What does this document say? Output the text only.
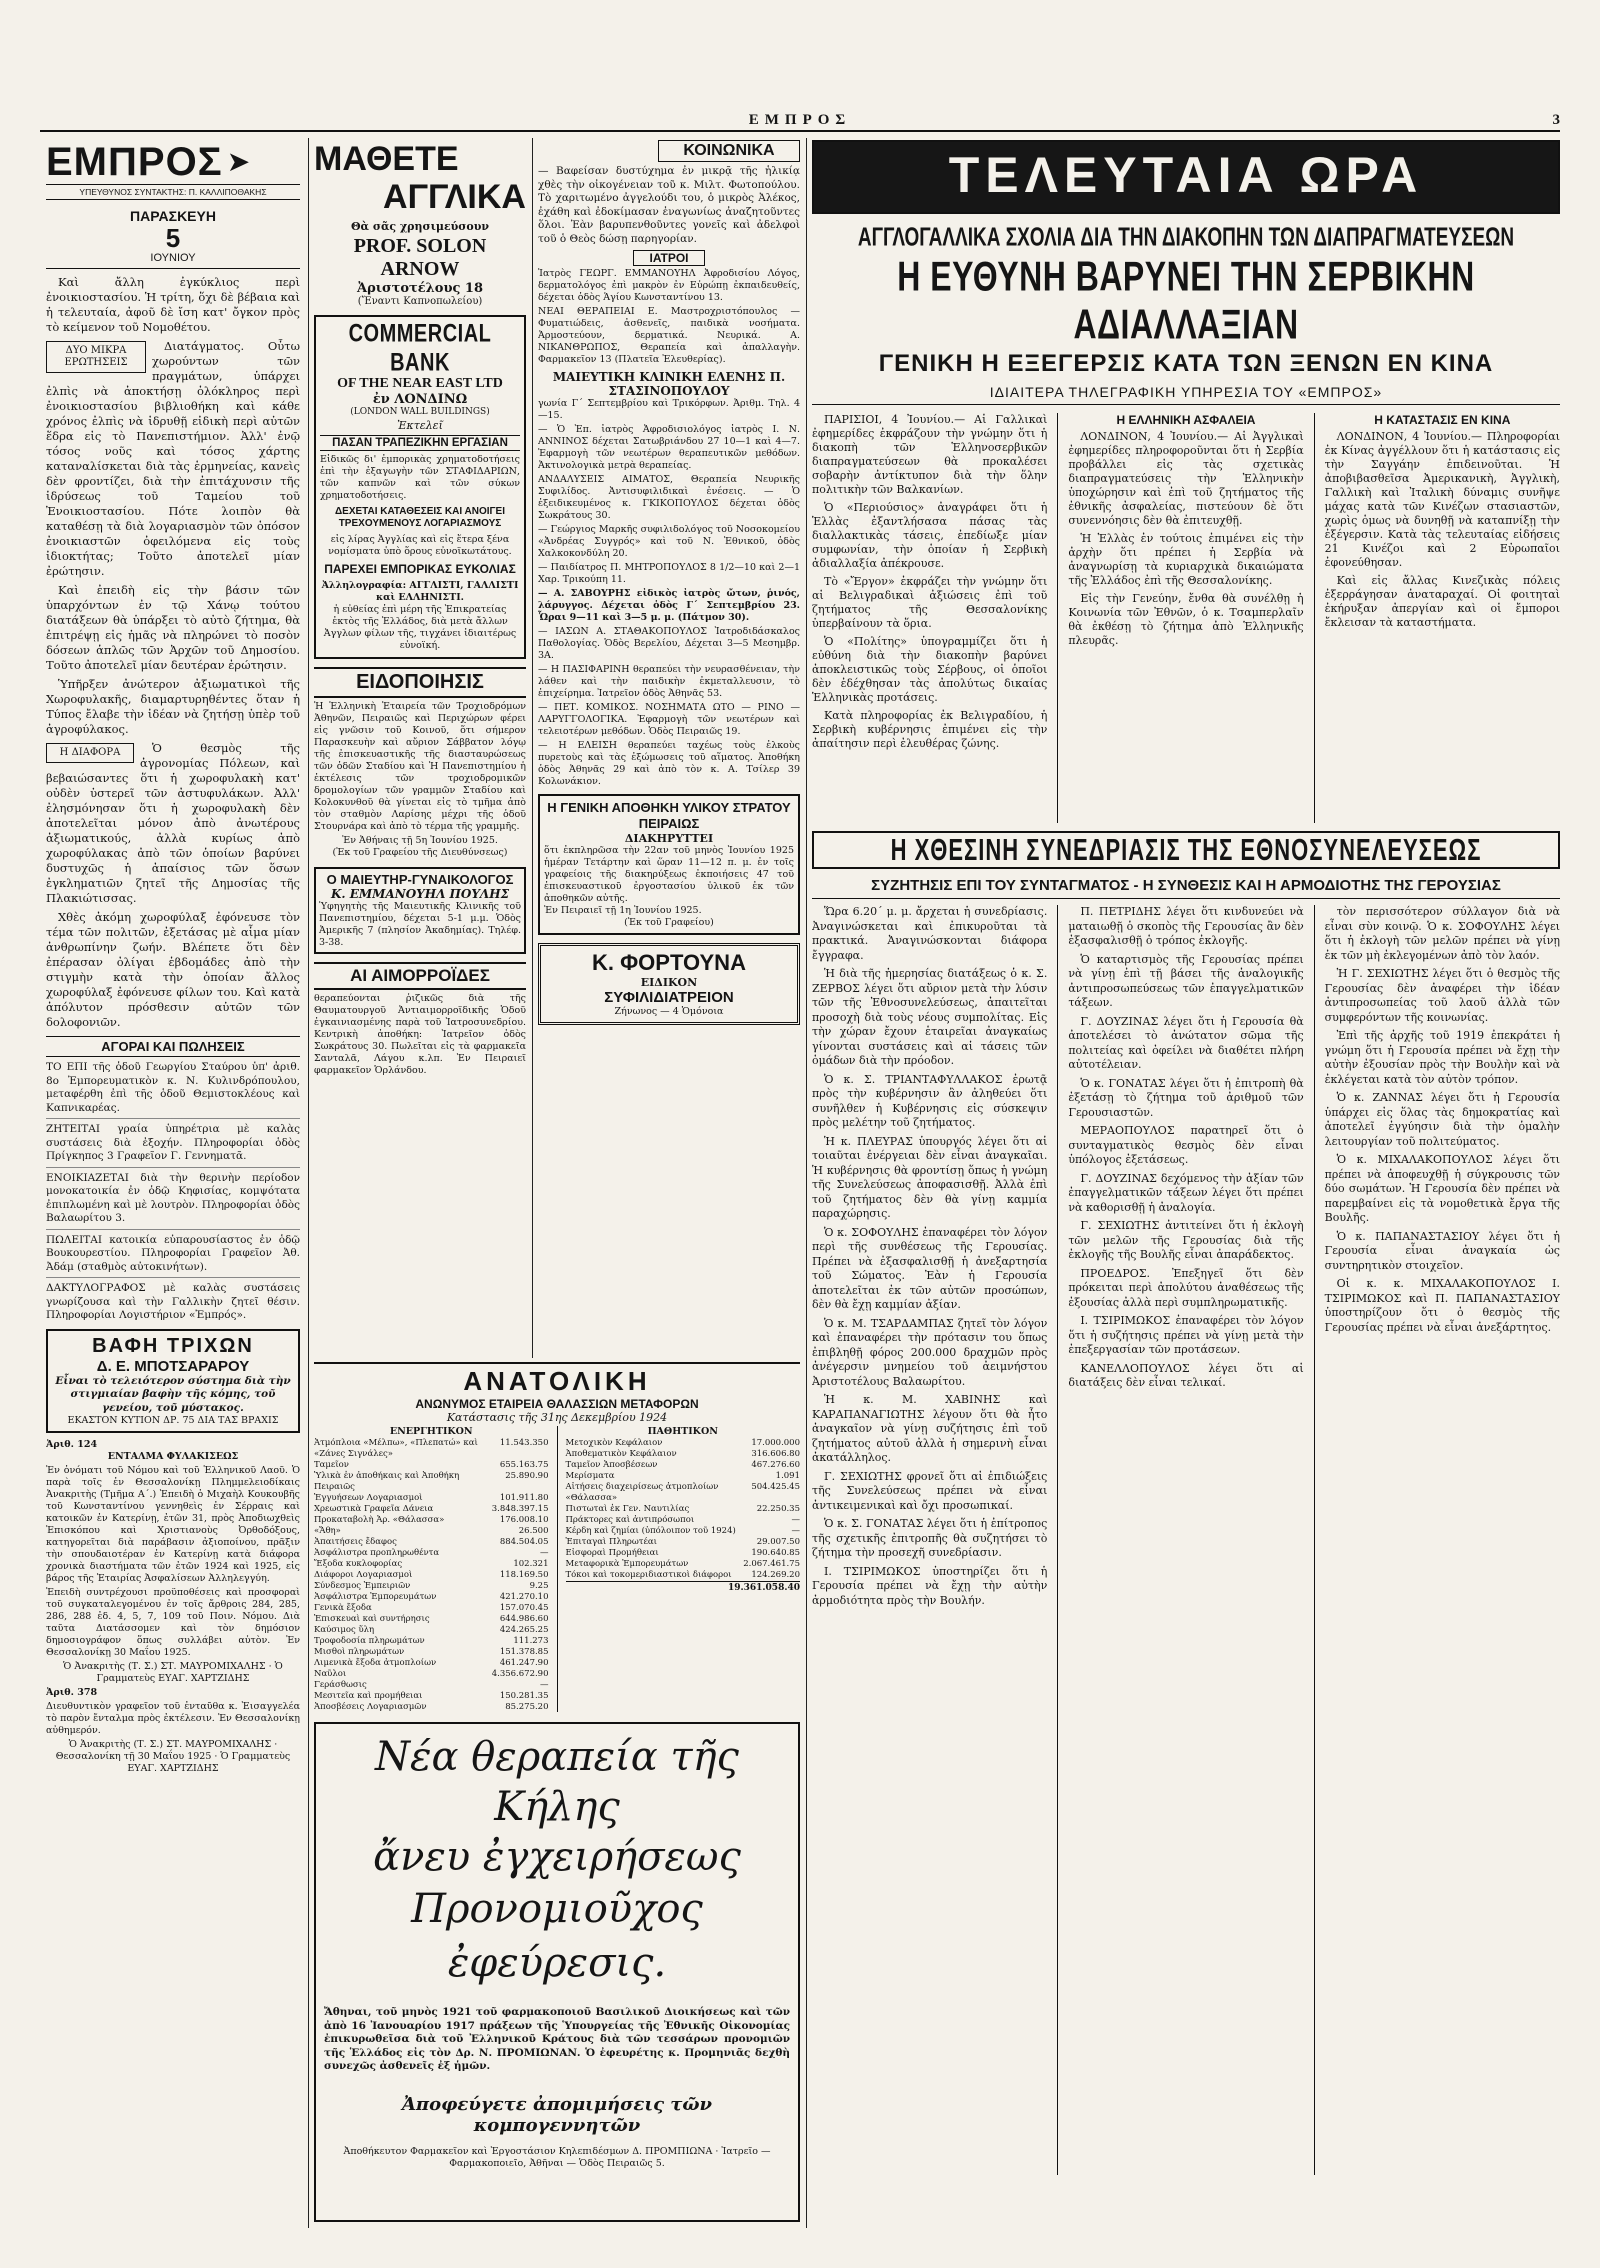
ΕΜΠΡΟΣ	3
ΕΜΠΡΟΣ ➤
ΥΠΕΥΘΥΝΟΣ ΣΥΝΤΑΚΤΗΣ: Π. ΚΑΛΛΙΠΟΘΑΚΗΣ
ΠΑΡΑΣΚΕΥΗ
5
ΙΟΥΝΙΟΥ

Καὶ ἄλλη ἐγκύκλιος περὶ ἐνοικιοστασίου. Ἡ τρίτη, ὅχι δὲ βέβαια καὶ ἡ τελευταία, ἀφοῦ δὲ ἴση κατ' ὄγκον πρὸς τὸ κείμενον τοῦ Νομοθέτου.

ΔΥΟ ΜΙΚΡΑ ΕΡΩΤΗΣΕΙΣ

Διατάγματος. Οὗτω χωρούντων τῶν πραγμάτων, ὑπάρχει ἐλπὶς νὰ ἀποκτήσῃ ὁλόκληρος περὶ ἐνοικιοστασίου βιβλιοθήκη καὶ κάθε χρόνος ἐλπὶς νὰ ἱδρυθῇ εἰδικὴ περὶ αὐτῶν ἕδρα εἰς τὸ Πανεπιστήμιον. Ἀλλ' ἐνῷ τόσος νοῦς καὶ τόσος χάρτης καταναλίσκεται διὰ τὰς ἑρμηνείας, κανεὶς δὲν φροντίζει, διὰ τὴν ἐπιτάχυνσιν τῆς ἱδρύσεως τοῦ Ταμείου τοῦ Ἐνοικιοστασίου. Πότε λοιπὸν θὰ καταθέσῃ τὰ διὰ λογαριασμὸν τῶν ὁπόσον ἐνοικιαστῶν ὀφειλόμενα εἰς τοὺς ἰδιοκτήτας; Τοῦτο ἀποτελεῖ μίαν ἐρώτησιν.

Καὶ ἐπειδὴ εἰς τὴν βάσιν τῶν ὑπαρχόντων ἐν τῷ Χάνῳ τούτου διατάξεων θὰ ὑπάρξει τὸ αὐτὸ ζήτημα, θὰ ἐπιτρέψῃ εἰς ἡμᾶς νὰ πληρώνει τὸ ποσὸν δόσεων ἁπλῶς τῶν Ἀρχῶν τοῦ Δημοσίου. Τοῦτο ἀποτελεῖ μίαν δευτέραν ἐρώτησιν.

Ὑπῆρξεν ἀνώτερον ἀξιωματικοὶ τῆς Χωροφυλακῆς, διαμαρτυρηθέντες ὅταν ἡ Τύπος ἔλαβε τὴν ἰδέαν νὰ ζητήσῃ ὑπὲρ τοῦ ἀγροφύλακος.

Η ΔΙΑΦΟΡΑ	Ὁ θεσμὸς τῆς ἀγρονομίας Πόλεων, καὶ βεβαιώσαντες ὅτι ἡ χωροφυλακὴ κατ' οὐδὲν ὑστερεῖ τῶν ἀστυφυλάκων. Ἀλλ' ἐλησμόνησαν ὅτι ἡ χωροφυλακὴ δὲν ἀποτελεῖται μόνον ἀπὸ ἀνωτέρους ἀξιωματικούς, ἀλλὰ κυρίως ἀπὸ χωροφύλακας ἀπὸ τῶν ὁποίων βαρύνει δυστυχῶς ἡ ἀπαίσιος τῶν ὅσων ἐγκληματιῶν ζητεῖ τῆς Δημοσίας τῆς Πλακιώτισσας.

Χθὲς ἀκόμη χωροφύλαξ ἐφόνευσε τὸν τέμα τῶν πολιτῶν, ἐξετάσας μὲ αἷμα μίαν ἀνθρωπίνην ζωήν. Βλέπετε ὅτι δὲν ἐπέρασαν ὀλίγαι ἑβδομάδες ἀπὸ τὴν στιγμὴν κατὰ τὴν ὁποίαν ἄλλος χωροφύλαξ ἐφόνευσε φίλων του. Καὶ κατὰ ἀπόλυτον πρόσθεσιν αὐτῶν τῶν δολοφονιῶν.

ΑΓΟΡΑΙ ΚΑΙ ΠΩΛΗΣΕΙΣ

ΤΟ ΕΠΙ τῆς ὁδοῦ Γεωργίου Σταύρου ὑπ' ἀριθ. 8ο Ἐμπορευματικὸν κ. Ν. Κυλινδρόπουλου, μεταφέρθη ἐπὶ τῆς ὁδοῦ Θεμιστοκλέους καὶ Καπνικαρέας.

ΖΗΤΕΙΤΑΙ γραία ὑπηρέτρια μὲ καλὰς συστάσεις διὰ ἐξοχήν. Πληροφορίαι ὁδὸς Πρίγκηπος 3 Γραφεῖον Γ. Γεννηματᾶ.

ΕΝΟΙΚΙΑΖΕΤΑΙ διὰ τὴν θερινὴν περίοδον μονοκατοικία ἐν ὁδῷ Κηφισίας, κομψότατα ἐπιπλωμένη καὶ μὲ λουτρὸν. Πληροφορίαι ὁδὸς Βαλαωρίτου 3.

ΠΩΛΕΙΤΑΙ κατοικία εὐπαρουσίαστος ἐν ὁδῷ Βουκουρεστίου. Πληροφορίαι Γραφεῖον Ἀθ. Ἀδάμ (σταθμὸς αὐτοκινήτων).

ΔΑΚΤΥΛΟΓΡΑΦΟΣ μὲ καλὰς συστάσεις γνωρίζουσα καὶ τὴν Γαλλικὴν ζητεῖ θέσιν. Πληροφορίαι Λογιστήριον «Ἐμπρός».

ΒΑΦΗ ΤΡΙΧΩΝ
Δ. Ε. ΜΠΟΤΣΑΡΑΡΟΥ
Εἶναι τὸ τελειότερον σύστημα διὰ τὴν στιγμιαίαν βαφὴν τῆς κόμης, τοῦ γενείου, τοῦ μύστακος.
ΕΚΑΣΤΟΝ ΚΥΤΙΟΝ ΔΡ. 75 ΔΙΑ ΤΑΣ ΒΡΑΧΙΣ
Ἀριθ. 124
ΕΝΤΑΛΜΑ ΦΥΛΑΚΙΣΕΩΣ

Ἐν ὀνόματι τοῦ Νόμου καὶ τοῦ Ἑλληνικοῦ Λαοῦ. Ὁ παρὰ τοῖς ἐν Θεσσαλονίκῃ Πλημμελειοδίκαις Ἀνακριτὴς (Τμῆμα Α΄.) Ἐπειδὴ ὁ Μιχαὴλ Κουκουβῆς τοῦ Κωνσταντίνου γεννηθεὶς ἐν Σέρραις καὶ κατοικῶν ἐν Κατερίνῃ, ἐτῶν 31, πρὸς Ἀποδιωχθεὶς Ἐπισκόπου καὶ Χριστιανοὺς Ὀρθοδόξους, κατηγορεῖται διὰ παράβασιν ἀξιοποίνου, πρᾶξιν τὴν σπουδαιοτέραν ἐν Κατερίνῃ κατὰ διάφορα χρονικὰ διαστήματα τῶν ἐτῶν 1924 καὶ 1925, εἰς βάρος τῆς Ἑταιρίας Ἀσφαλίσεων Ἀλληλεγγύη.

Ἐπειδὴ συντρέχουσι προϋποθέσεις καὶ προσφοραὶ τοῦ συγκαταλεγομένου ἐν τοῖς ἄρθροις 284, 285, 286, 288 ἐδ. 4, 5, 7, 109 τοῦ Ποιν. Νόμου. Διὰ ταῦτα Διατάσσομεν καὶ τὸν δημόσιον δημοσιογράφον ὅπως συλλάβει αὐτὸν. Ἐν Θεσσαλονίκῃ 30 Μαΐου 1925.

Ὁ Ἀνακριτὴς (Τ. Σ.) ΣΤ. ΜΑΥΡΟΜΙΧΑΛΗΣ · Ὁ Γραμματεὺς ΕΥΑΓ. ΧΑΡΤΖΙΔΗΣ

Ἀριθ. 378

Διευθυντικὸν γραφεῖον τοῦ ἐνταῦθα κ. Ἐισαγγελέα τὸ παρὸν ἔνταλμα πρὸς ἐκτέλεσιν. Ἐν Θεσσαλονίκῃ αὐθημερόν.

Ὁ Ἀνακριτὴς (Τ. Σ.) ΣΤ. ΜΑΥΡΟΜΙΧΑΛΗΣ · Θεσσαλονίκη τῇ 30 Μαΐου 1925 · Ὁ Γραμματεὺς ΕΥΑΓ. ΧΑΡΤΖΙΔΗΣ

ΜΑΘΕΤΕ
ΑΓΓΛΙΚΑ
Θὰ σᾶς χρησιμεύσουν
PROF. SOLON ARNOW
Ἀριστοτέλους 18
(Ἔναντι Καπνοπωλείου)
COMMERCIAL BANK
OF THE NEAR EAST LTD
ἐν ΛΟΝΔΙΝΩ
(LONDON WALL BUILDINGS)
Ἐκτελεῖ
ΠΑΣΑΝ ΤΡΑΠΕΖΙΚΗΝ ΕΡΓΑΣΙΑΝ
Εἰδικῶς δι' ἐμπορικὰς χρηματοδοτήσεις ἐπὶ τὴν ἐξαγωγὴν τῶν ΣΤΑΦΙΔΑΡΙΩΝ, τῶν καπνῶν καὶ τῶν σύκων χρηματοδοτήσεις.
ΔΕΧΕΤΑΙ ΚΑΤΑΘΕΣΕΙΣ ΚΑΙ ΑΝΟΙΓΕΙ ΤΡΕΧΟΥΜΕΝΟΥΣ ΛΟΓΑΡΙΑΣΜΟΥΣ
εἰς λίρας Ἀγγλίας καὶ εἰς ἕτερα ξένα νομίσματα ὑπὸ ὅρους εὐνοϊκωτάτους.
ΠΑΡΕΧΕΙ ΕΜΠΟΡΙΚΑΣ ΕΥΚΟΛΙΑΣ
Ἀλληλογραφία: ΑΓΓΛΙΣΤΙ, ΓΑΛΛΙΣΤΙ καὶ ΕΛΛΗΝΙΣΤΙ.
ἡ εὐθείας ἐπὶ μέρη τῆς Ἐπικρατείας ἐκτὸς τῆς Ἑλλάδος, διὰ μετὰ ἄλλων Ἀγγλων φίλων τῆς, τιγχάνει ἰδιαιτέρως εὐνοϊκή.
ΕΙΔΟΠΟΙΗΣΙΣ
Ἡ Ἑλληνικὴ Ἑταιρεία τῶν Τροχιοδρόμων Ἀθηνῶν, Πειραιῶς καὶ Περιχώρων φέρει εἰς γνῶσιν τοῦ Κοινοῦ, ὅτι σήμερον Παρασκευὴν καὶ αὔριον Σάββατον λόγῳ τῆς ἐπισκευαστικῆς τῆς διασταυρώσεως τῶν ὁδῶν Σταδίου καὶ Ἡ Πανεπιστημίου ἡ ἐκτέλεσις τῶν τροχιοδρομικῶν δρομολογίων τῶν γραμμῶν Σταδίου καὶ Κολοκυνθοῦ θὰ γίνεται εἰς τὸ τμῆμα ἀπὸ τὸν σταθμὸν Λαρίσης μέχρι τῆς ὁδοῦ Στουρνάρα καὶ ἀπὸ τὸ τέρμα τῆς γραμμῆς.
Ἐν Ἀθήναις τῇ 5η Ἰουνίου 1925.
(Ἐκ τοῦ Γραφείου τῆς Διευθύνσεως)
Ο ΜΑΙΕΥΤΗΡ-ΓΥΝΑΙΚΟΛΟΓΟΣ
Κ. ΕΜΜΑΝΟΥΗΛ ΠΟΥΛΗΣ
Ὑφηγητὴς τῆς Μαιευτικῆς Κλινικῆς τοῦ Πανεπιστημίου, δέχεται 5-1 μ.μ. Ὁδὸς Ἀμερικῆς 7 (πλησίον Ἀκαδημίας). Τηλέφ. 3-38.
ΑΙ ΑΙΜΟΡΡΟΪΔΕΣ
θεραπεύονται ῥιζικῶς διὰ τῆς Θαυματουργοῦ Ἀντιαιμορροϊδικῆς Ὁδοῦ ἐγκαινιασμένης παρὰ τοῦ Ἰατροσυνεδρίου. Κεντρικὴ ἀποθήκη: Ἰατρεῖον ὁδὸς Σωκράτους 30. Πωλεῖται εἰς τὰ φαρμακεῖα Σανταλᾶ, Λάγου κ.λπ. Ἐν Πειραιεῖ φαρμακεῖον Ὁρλάνδου.
ΚΟΙΝΩΝΙΚΑ
— Βαφείσαν δυστύχημα ἐν μικρᾷ τῆς ἡλικίᾳ χθὲς τὴν οἰκογένειαν τοῦ κ. Μιλτ. Φωτοπούλου. Τὸ χαριτωμένο ἀγγελούδι του, ὁ μικρὸς Ἀλέκος, ἐχάθη καὶ ἐδοκίμασαν ἐναγωνίως ἀναζητοῦντες ὅλοι. Ἐὰν βαρυπενθοῦντες γονεῖς καὶ ἀδελφοὶ τοῦ ὁ Θεὸς δώσῃ παρηγορίαν.
ΙΑΤΡΟΙ
Ἰατρὸς ΓΕΩΡΓ. ΕΜΜΑΝΟΥΗΛ Ἀφροδισίου Λόγος, δερματολόγος ἐπὶ μακρὸν ἐν Εὐρώπῃ ἐκπαιδευθείς, δέχεται ὁδὸς Ἁγίου Κωνσταντίνου 13.
ΝΕΑΙ ΘΕΡΑΠΕΙΑΙ Ε. Μαστροχριστόπουλος — Φυματιώδεις, ἀσθενεῖς, παιδικὰ νοσήματα. Ἀρμοστεύουν, δερματικά. Νευρικά. Α. ΝΙΚΑΝΘΡΩΠΟΣ, Θεραπεία καὶ ἀπαλλαγὴν. Φαρμακεῖον 13 (Πλατεῖα Ἐλευθερίας).
ΜΑΙΕΥΤΙΚΗ ΚΛΙΝΙΚΗ ΕΛΕΝΗΣ Π. ΣΤΑΣΙΝΟΠΟΥΛΟΥ
γωνία Γ΄ Σεπτεμβρίου καὶ Τρικόρφων. Ἀριθμ. Τηλ. 4—15.

— Ὁ Ἐπ. ἰατρὸς Ἀφροδισιολόγος ἰατρὸς Ι. Ν. ΑΝΝΙΝΟΣ δέχεται Σατωβριάνδου 27 10—1 καὶ 4—7. Ἐφαρμογὴ τῶν νεωτέρων θεραπευτικῶν μεθόδων. Ἀκτινολογικὰ μετρὰ θεραπείας.

ΑΝΔΑΛΥΣΕΙΣ ΑΙΜΑΤΟΣ, Θεραπεία Νευρικῆς Συφιλίδος. Ἀντισυφιλιδικαὶ ἐνέσεις. — Ὁ ἐξειδικευμένος κ. ΓΚΙΚΟΠΟΥΛΟΣ δέχεται ὁδὸς Σωκράτους 30.

— Γεώργιος Μαρκῆς συφιλιδολόγος τοῦ Νοσοκομείου «Ἀνδρέας Συγγρός» καὶ τοῦ Ν. Ἐθνικοῦ, ὁδὸς Χαλκοκονδύλη 20.

— Παιδίατρος Π. ΜΗΤΡΟΠΟΥΛΟΣ 8 1/2—10 καὶ 2—1 Χαρ. Τρικούπη 11.

— Α. ΣΑΒΟΥΡΗΣ εἰδικὸς ἰατρὸς ὤτων, ῥινός, λάρυγγος. Δέχεται ὁδὸς Γ΄ Σεπτεμβρίου 23. Ὧραι 9—11 καὶ 3—5 μ. μ. (Πάτμον 30).

— ΙΑΣΩΝ Α. ΣΤΑΘΑΚΟΠΟΥΛΟΣ Ἰατροδιδάσκαλος Παθολογίας. Ὁδὸς Βερελίου, Δέχεται 3—5 Μεσημβρ. 3Α.

— Η ΠΑΣΙΦΑΡΙΝΗ θεραπεύει τὴν νευρασθένειαν, τὴν λάθεν καὶ τὴν παιδικὴν ἐκμεταλλευσιν, τὸ ἐπιχείρημα. Ἰατρεῖον ὁδὸς Ἀθηνᾶς 53.

— ΠΕΤ. ΚΟΜΙΚΟΣ. ΝΟΣΗΜΑΤΑ ΩΤΟ — ΡΙΝΟ — ΛΑΡΥΓΓΟΛΟΓΙΚΑ. Ἐφαρμογὴ τῶν νεωτέρων καὶ τελειοτέρων μεθόδων. Ὁδὸς Πειραιῶς 19.

— Η ΕΛΕΙΣΗ θεραπεύει ταχέως τοὺς ἐλκοὺς πυρετοὺς καὶ τὰς ἐξώμωσεις τοῦ αἵματος. Ἀποθήκη ὁδὸς Ἀθηνᾶς 29 καὶ ἀπὸ τὸν κ. Α. Τσίλερ 39 Κολωνάκιον.

Η ΓΕΝΙΚΗ ΑΠΟΘΗΚΗ ΥΛΙΚΟΥ ΣΤΡΑΤΟΥ ΠΕΙΡΑΙΩΣ
ΔΙΑΚΗΡΥΤΤΕΙ
ὅτι ἐκπληρῶσα τὴν 22αν τοῦ μηνὸς Ἰουνίου 1925 ἡμέραν Τετάρτην καὶ ὥραν 11—12 π. μ. ἐν τοῖς γραφείοις τῆς διακηρύξεως ἐκποιήσεις 47 τοῦ ἐπισκευαστικοῦ ἐργοστασίου ὑλικοῦ ἐκ τῶν ἀποθηκῶν αὐτῆς.
Ἐν Πειραιεῖ τῇ 1η Ἰουνίου 1925.
(Ἐκ τοῦ Γραφείου)
Κ. ΦΟΡΤΟΥΝΑ
ΕΙΔΙΚΟΝ
ΣΥΦΙΛΙΔΙΑΤΡΕΙΟΝ
Ζήνωνος — 4 Ὁμόνοια
ΑΝΑΤΟΛΙΚΗ
ΑΝΩΝΥΜΟΣ ΕΤΑΙΡΕΙΑ ΘΑΛΑΣΣΙΩΝ ΜΕΤΑΦΟΡΩΝ
Κατάστασις τῆς 31ης Δεκεμβρίου 1924
ΕΝΕΡΓΗΤΙΚΟΝ
Ἀτμόπλοια «Μέλπω», «Πλεπατώ» καὶ «Ζάνες Σιγνάλες»
11.543.350
Ταμεῖον	655.163.75
Ὑλικὰ ἐν ἀποθήκαις καὶ Ἀποθήκη Πειραιῶς
25.890.90
Ἐγγυήσεων Λογαριασμοὶ	101.911.80
Χρεωστικὰ Γραφεῖα Δάνεια	3.848.397.15
Προκαταβολὴ Ἀρ. «Θάλασσα»	176.008.10
«Ἄθη»	26.500
Ἀπαιτήσεις ἔδαφος	884.504.05
Ἀσφάλιστρα προπληρωθέντα	—
Ἔξοδα κυκλοφορίας	102.321
Διάφοροι Λογαριασμοὶ	118.169.50
Σύνδεσμος Ἐμπειριῶν	9.25
Ἀσφάλιστρα Ἐμπορευμάτων	421.270.10
Γενικὰ ἔξοδα	157.070.45
Ἐπισκευαὶ καὶ συντήρησις	644.986.60
Καύσιμος ὕλη	424.265.25
Τροφοδοσία πληρωμάτων	111.273
Μισθοὶ πληρωμάτων	151.378.85
Λιμενικὰ ἔξοδα ἀτμοπλοίων	461.247.90
Ναῦλοι	4.356.672.90
Γεράσθωσις	—
Μεσιτεῖα καὶ προμήθειαι	150.281.35
Ἀποσβέσεις Λογαριασμῶν	85.275.20
ΠΑΘΗΤΙΚΟΝ
Μετοχικὸν Κεφάλαιον	17.000.000
Ἀποθεματικὸν Κεφάλαιον	316.606.80
Ταμεῖον Ἀποσβέσεων	467.276.60
Μερίσματα	1.091
Αἰτήσεις διαχειρίσεως ἀτμοπλοίων «Θάλασσα»
504.425.45
Πιστωταὶ ἐκ Γεν. Ναυτιλίας	22.250.35
Πράκτορες καὶ ἀντιπρόσωποι	—
Κέρδη καὶ ζημίαι (ὑπόλοιπον τοῦ 1924)	—
Ἐπιταγαὶ Πληρωτέαι	29.007.50
Εἰσφοραὶ Προμήθειαι	190.640.85
Μεταφορικὰ Ἐμπορευμάτων	2.067.461.75
Τόκοι καὶ τοκομεριδιαστικοὶ διάφοροι	124.269.20
19.361.058.40
Νέα θεραπεία τῆς Κήλης
ἄνευ ἐγχειρήσεως
Προνομιοῦχος ἐφεύρεσις.
Ἄθηναι, τοῦ μηνὸς 1921 τοῦ φαρμακοποιοῦ Βασιλικοῦ Διοικήσεως καὶ τῶν ἀπὸ 16 Ἰανουαρίου 1917 πράξεων τῆς Ὑπουργείας τῆς Ἐθνικῆς Οἰκονομίας ἐπικυρωθεῖσα διὰ τοῦ Ἐλληνικοῦ Κράτους διὰ τῶν τεσσάρων προνομιῶν τῆς Ἑλλάδος εἰς τὸν Δρ. Ν. ΠΡΟΜΙΩΝΑΝ. Ὁ ἐφευρέτης κ. Προμηνιᾶς δεχθὴ συνεχῶς ἀσθενεῖς ἐξ ἡμῶν.
Ἀποφεύγετε ἀπομιμήσεις τῶν κομπογεννητῶν
Ἀποθήκευτον Φαρμακεῖον καὶ Ἐργοστάσιον Κηλεπιδέσμων Δ. ΠΡΟΜΠΙΩΝΑ · Ἰατρεῖο — Φαρμακοποιεῖο, Ἀθῆναι — Ὁδὸς Πειραιῶς 5.
ΤΕΛΕΥΤΑΙΑ ΩΡΑ
ΑΓΓΛΟΓΑΛΛΙΚΑ ΣΧΟΛΙΑ ΔΙΑ ΤΗΝ ΔΙΑΚΟΠΗΝ ΤΩΝ ΔΙΑΠΡΑΓΜΑΤΕΥΣΕΩΝ
Η ΕΥΘΥΝΗ ΒΑΡΥΝΕΙ ΤΗΝ ΣΕΡΒΙΚΗΝ ΑΔΙΑΛΛΑΞΙΑΝ
ΓΕΝΙΚΗ Η ΕΞΕΓΕΡΣΙΣ ΚΑΤΑ ΤΩΝ ΞΕΝΩΝ ΕΝ ΚΙΝΑ
ΙΔΙΑΙΤΕΡΑ ΤΗΛΕΓΡΑΦΙΚΗ ΥΠΗΡΕΣΙΑ ΤΟΥ «ΕΜΠΡΟΣ»

ΠΑΡΙΣΙΟΙ, 4 Ἰουνίου.— Αἱ Γαλλικαὶ ἐφημερίδες ἐκφράζουν τὴν γνώμην ὅτι ἡ διακοπὴ τῶν Ἑλληνοσερβικῶν διαπραγματεύσεων θὰ προκαλέσει σοβαρὴν ἀντίκτυπον διὰ τὴν ὅλην πολιτικὴν τῶν Βαλκανίων.

Ὁ «Περιούσιος» ἀναγράφει ὅτι ἡ Ἑλλὰς ἐξαντλήσασα πάσας τὰς διαλλακτικὰς τάσεις, ἐπεδίωξε μίαν συμφωνίαν, τὴν ὁποίαν ἡ Σερβικὴ ἀδιαλλαξία ἀπέκρουσε.

Τὸ «Ἔργον» ἐκφράζει τὴν γνώμην ὅτι αἱ Βελιγραδικαὶ ἀξιώσεις ἐπὶ τοῦ ζητήματος τῆς Θεσσαλονίκης ὑπερβαίνουν τὰ ὅρια.

Ὁ «Πολίτης» ὑπογραμμίζει ὅτι ἡ εὐθύνη διὰ τὴν διακοπὴν βαρύνει ἀποκλειστικῶς τοὺς Σέρβους, οἱ ὁποῖοι δὲν ἐδέχθησαν τὰς ἀπολύτως δικαίας Ἑλληνικὰς προτάσεις.

Κατὰ πληροφορίας ἐκ Βελιγραδίου, ἡ Σερβικὴ κυβέρνησις ἐπιμένει εἰς τὴν ἀπαίτησιν περὶ ἐλευθέρας ζώνης.

Η ΕΛΛΗΝΙΚΗ ΑΣΦΑΛΕΙΑ

ΛΟΝΔΙΝΟΝ, 4 Ἰουνίου.— Αἱ Ἀγγλικαὶ ἐφημερίδες πληροφοροῦνται ὅτι ἡ Σερβία προβάλλει εἰς τὰς σχετικὰς διαπραγματεύσεις τὴν Ἑλληνικὴν ὑποχώρησιν καὶ ἐπὶ τοῦ ζητήματος τῆς ἐθνικῆς ἀσφαλείας, πιστεύουν δὲ ὅτι συνεννόησις δὲν θὰ ἐπιτευχθῇ.

Ἡ Ἑλλὰς ἐν τούτοις ἐπιμένει εἰς τὴν ἀρχὴν ὅτι πρέπει ἡ Σερβία νὰ ἀναγνωρίσῃ τὰ κυριαρχικὰ δικαιώματα τῆς Ἑλλάδος ἐπὶ τῆς Θεσσαλονίκης.

Εἰς τὴν Γενεύην, ἔνθα θὰ συνέλθῃ ἡ Κοινωνία τῶν Ἐθνῶν, ὁ κ. Τσαμπερλαῖν θὰ ἐκθέσῃ τὸ ζήτημα ἀπὸ Ἑλληνικῆς πλευρᾶς.

Η ΚΑΤΑΣΤΑΣΙΣ ΕΝ ΚΙΝΑ

ΛΟΝΔΙΝΟΝ, 4 Ἰουνίου.— Πληροφορίαι ἐκ Κίνας ἀγγέλλουν ὅτι ἡ κατάστασις εἰς τὴν Σαγγάην ἐπιδεινοῦται. Ἡ ἀποβιβασθεῖσα Ἀμερικανικὴ, Ἀγγλικὴ, Γαλλικὴ καὶ Ἰταλικὴ δύναμις συνῆψε μάχας κατὰ τῶν Κινέζων στασιαστῶν, χωρὶς ὁμως νὰ δυνηθῇ νὰ καταπνίξῃ τὴν ἐξέγερσιν. Κατὰ τὰς τελευταίας εἰδήσεις 21 Κινέζοι καὶ 2 Εὐρωπαῖοι ἐφονεύθησαν.

Καὶ εἰς ἄλλας Κινεζικὰς πόλεις ἐξερράγησαν ἀναταραχαί. Οἱ φοιτηταὶ ἐκήρυξαν ἀπεργίαν καὶ οἱ ἔμποροι ἔκλεισαν τὰ καταστήματα.

Η ΧΘΕΣΙΝΗ ΣΥΝΕΔΡΙΑΣΙΣ ΤΗΣ ΕΘΝΟΣΥΝΕΛΕΥΣΕΩΣ
ΣΥΖΗΤΗΣΙΣ ΕΠΙ ΤΟΥ ΣΥΝΤΑΓΜΑΤΟΣ - Η ΣΥΝΘΕΣΙΣ ΚΑΙ Η ΑΡΜΟΔΙΟΤΗΣ ΤΗΣ ΓΕΡΟΥΣΙΑΣ

Ὥρα 6.20΄ μ. μ. ἄρχεται ἡ συνεδρίασις. Ἀναγινώσκεται καὶ ἐπικυροῦται τὰ πρακτικά. Ἀναγινώσκονται διάφορα ἔγγραφα.

Ἡ διὰ τῆς ἡμερησίας διατάξεως ὁ κ. Σ. ΖΕΡΒΟΣ λέγει ὅτι αὔριον μετὰ τὴν λύσιν τῶν τῆς Ἐθνοσυνελεύσεως, ἀπαιτεῖται προσοχὴ διὰ τοὺς νέους συμπολίτας. Εἰς τὴν χώραν ἔχουν ἑταιρεῖαι ἀναγκαίως γίνονται συστάσεις καὶ αἱ τάσεις τῶν ὁμάδων διὰ τὴν πρόοδον.

Ὁ κ. Σ. ΤΡΙΑΝΤΑΦΥΛΛΑΚΟΣ ἐρωτᾷ πρὸς τὴν κυβέρνησιν ἂν ἀληθεύει ὅτι συνῆλθεν ἡ Κυβέρνησις εἰς σύσκεψιν πρὸς μελέτην τοῦ ζητήματος.

Ἡ κ. ΠΛΕΥΡΑΣ ὑπουργός λέγει ὅτι αἱ τοιαῦται ἐνέργειαι δὲν εἶναι ἀναγκαῖαι. Ἡ κυβέρνησις θὰ φροντίσῃ ὅπως ἡ γνώμη τῆς Συνελεύσεως ἀποφασισθῇ. Ἀλλὰ ἐπὶ τοῦ ζητήματος δὲν θὰ γίνῃ καμμία παραχώρησις.

Ὁ κ. ΣΟΦΟΥΛΗΣ ἐπαναφέρει τὸν λόγον περὶ τῆς συνθέσεως τῆς Γερουσίας. Πρέπει νὰ ἐξασφαλισθῇ ἡ ἀνεξαρτησία τοῦ Σώματος. Ἐὰν ἡ Γερουσία ἀποτελεῖται ἐκ τῶν αὐτῶν προσώπων, δὲν θὰ ἔχῃ καμμίαν ἀξίαν.

Ὁ κ. Μ. ΤΣΑΡΔΑΜΠΑΣ ζητεῖ τὸν λόγον καὶ ἐπαναφέρει τὴν πρότασιν του ὅπως ἐπιβληθῇ φόρος 200.000 δραχμῶν πρὸς ἀνέγερσιν μνημείου τοῦ ἀειμνήστου Ἀριστοτέλους Βαλαωρίτου.

Ἡ κ. Μ. ΧΑΒΙΝΗΣ καὶ ΚΑΡΑΠΑΝΑΓΙΩΤΗΣ λέγουν ὅτι θὰ ἦτο ἀναγκαῖον νὰ γίνῃ συζήτησις ἐπὶ τοῦ ζητήματος αὐτοῦ ἀλλὰ ἡ σημερινὴ εἶναι ἀκατάλληλος.

Γ. ΣΕΧΙΩΤΗΣ φρονεῖ ὅτι αἱ ἐπιδιώξεις τῆς Συνελεύσεως πρέπει νὰ εἶναι ἀντικειμενικαὶ καὶ ὄχι προσωπικαί.

Ὁ κ. Σ. ΓΟΝΑΤΑΣ λέγει ὅτι ἡ ἐπίτροπος τῆς σχετικῆς ἐπιτροπῆς θὰ συζητήσει τὸ ζήτημα τὴν προσεχῆ συνεδρίασιν.

Ι. ΤΣΙΡΙΜΩΚΟΣ ὑποστηρίζει ὅτι ἡ Γερουσία πρέπει νὰ ἔχῃ τὴν αὐτὴν ἀρμοδιότητα πρὸς τὴν Βουλήν.

Π. ΠΕΤΡΙΔΗΣ λέγει ὅτι κινδυνεύει νὰ ματαιωθῇ ὁ σκοπὸς τῆς Γερουσίας ἂν δὲν ἐξασφαλισθῇ ὁ τρόπος ἐκλογῆς.

Ὁ καταρτισμὸς τῆς Γερουσίας πρέπει νὰ γίνῃ ἐπὶ τῇ βάσει τῆς ἀναλογικῆς ἀντιπροσωπεύσεως τῶν ἐπαγγελματικῶν τάξεων.

Γ. ΔΟΥΖΙΝΑΣ λέγει ὅτι ἡ Γερουσία θὰ ἀποτελέσει τὸ ἀνώτατον σῶμα τῆς πολιτείας καὶ ὀφείλει νὰ διαθέτει πλήρη αὐτοτέλειαν.

Ὁ κ. ΓΟΝΑΤΑΣ λέγει ὅτι ἡ ἐπιτροπὴ θὰ ἐξετάσῃ τὸ ζήτημα τοῦ ἀριθμοῦ τῶν Γερουσιαστῶν.

ΜΕΡΑΟΠΟΥΛΟΣ παρατηρεῖ ὅτι ὁ συνταγματικὸς θεσμὸς δὲν εἶναι ὑπόλογος ἐξετάσεως.

Γ. ΔΟΥΖΙΝΑΣ δεχόμενος τὴν ἀξίαν τῶν ἐπαγγελματικῶν τάξεων λέγει ὅτι πρέπει νὰ καθορισθῇ ἡ ἀναλογία.

Γ. ΣΕΧΙΩΤΗΣ ἀντιτείνει ὅτι ἡ ἐκλογὴ τῶν μελῶν τῆς Γερουσίας διὰ τῆς ἐκλογῆς τῆς Βουλῆς εἶναι ἀπαράδεκτος.

ΠΡΟΕΔΡΟΣ. Ἐπεξηγεῖ ὅτι δὲν πρόκειται περὶ ἀπολύτου ἀναθέσεως τῆς ἐξουσίας ἀλλὰ περὶ συμπληρωματικῆς.

Ι. ΤΣΙΡΙΜΩΚΟΣ ἐπαναφέρει τὸν λόγον ὅτι ἡ συζήτησις πρέπει νὰ γίνῃ μετὰ τὴν ἐπεξεργασίαν τῶν προτάσεων.

ΚΑΝΕΛΛΟΠΟΥΛΟΣ λέγει ὅτι αἱ διατάξεις δὲν εἶναι τελικαί.

τὸν περισσότερον σύλλαγον διὰ νὰ εἶναι σὺν κοινῷ. Ὁ κ. ΣΟΦΟΥΛΗΣ λέγει ὅτι ἡ ἐκλογὴ τῶν μελῶν πρέπει νὰ γίνῃ ἐκ τῶν μὴ ἐκλεγομένων ἀπὸ τὸν λαόν.

Ἡ Γ. ΣΕΧΙΩΤΗΣ λέγει ὅτι ὁ θεσμὸς τῆς Γερουσίας δὲν ἀναφέρει τὴν ἰδέαν ἀντιπροσωπείας τοῦ λαοῦ ἀλλὰ τῶν συμφερόντων τῆς κοινωνίας.

Ἐπὶ τῆς ἀρχῆς τοῦ 1919 ἐπεκράτει ἡ γνώμη ὅτι ἡ Γερουσία πρέπει νὰ ἔχῃ τὴν αὐτὴν ἐξουσίαν πρὸς τὴν Βουλὴν καὶ νὰ ἐκλέγεται κατὰ τὸν αὐτὸν τρόπον.

Ὁ κ. ΖΑΝΝΑΣ λέγει ὅτι ἡ Γερουσία ὑπάρχει εἰς ὅλας τὰς δημοκρατίας καὶ ἀποτελεῖ ἐγγύησιν διὰ τὴν ὁμαλὴν λειτουργίαν τοῦ πολιτεύματος.

Ὁ κ. ΜΙΧΑΛΑΚΟΠΟΥΛΟΣ λέγει ὅτι πρέπει νὰ ἀποφευχθῇ ἡ σύγκρουσις τῶν δύο σωμάτων. Ἡ Γερουσία δὲν πρέπει νὰ παρεμβαίνει εἰς τὰ νομοθετικὰ ἔργα τῆς Βουλῆς.

Ὁ κ. ΠΑΠΑΝΑΣΤΑΣΙΟΥ λέγει ὅτι ἡ Γερουσία εἶναι ἀναγκαία ὡς συντηρητικὸν στοιχεῖον.

Οἱ κ. κ. ΜΙΧΑΛΑΚΟΠΟΥΛΟΣ Ι. ΤΣΙΡΙΜΩΚΟΣ καὶ Π. ΠΑΠΑΝΑΣΤΑΣΙΟΥ ὑποστηρίζουν ὅτι ὁ θεσμὸς τῆς Γερουσίας πρέπει νὰ εἶναι ἀνεξάρτητος.
